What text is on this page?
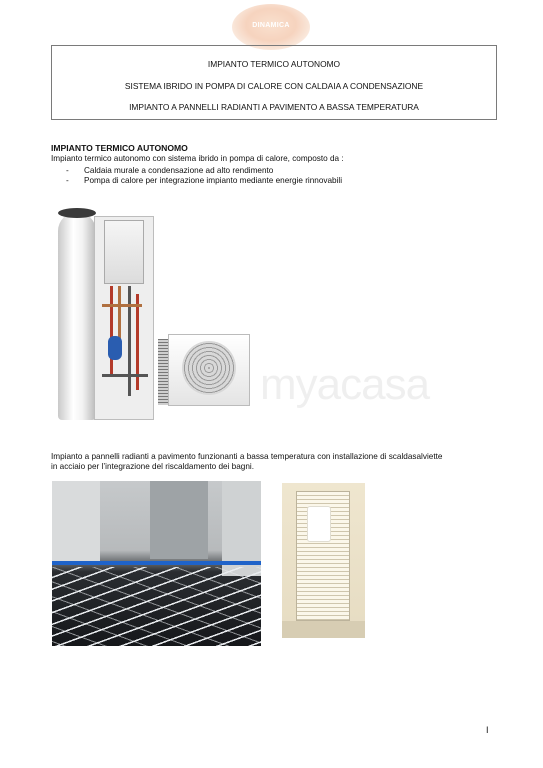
DINAMICA
IMPIANTO TERMICO AUTONOMO
SISTEMA IBRIDO IN POMPA DI CALORE CON CALDAIA A CONDENSAZIONE
IMPIANTO A PANNELLI RADIANTI A PAVIMENTO A BASSA TEMPERATURA
IMPIANTO TERMICO AUTONOMO
Impianto termico autonomo con sistema ibrido in pompa di calore, composto da :
- Caldaia murale a condensazione ad alto rendimento
- Pompa di calore per integrazione impianto mediante energie rinnovabili
myacasa
Impianto a pannelli radianti a pavimento funzionanti a bassa temperatura con installazione di scaldasalviette
in acciaio per l’integrazione del riscaldamento dei bagni.
I
